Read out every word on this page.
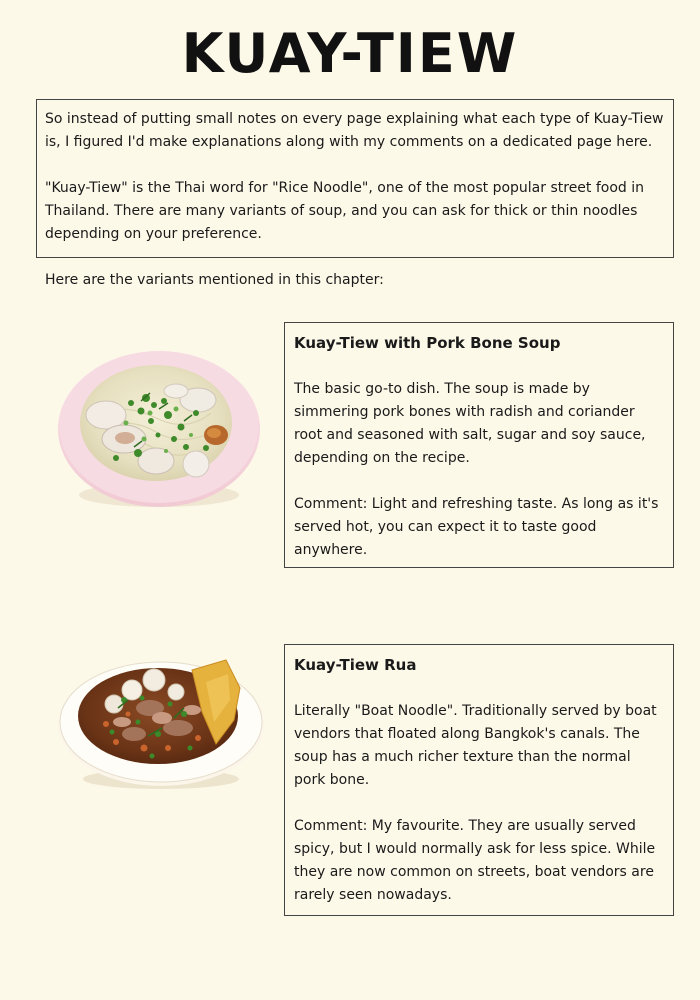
KUAY-TIEW

So instead of putting small notes on every page explaining what each type of Kuay-Tiew is, I figured I'd make explanations along with my comments on a dedicated page here.

"Kuay-Tiew" is the Thai word for "Rice Noodle", one of the most popular street food in Thailand. There are many variants of soup, and you can ask for thick or thin noodles depending on your preference.

Here are the variants mentioned in this chapter:

Kuay-Tiew with Pork Bone Soup

The basic go-to dish. The soup is made by simmering pork bones with radish and coriander root and seasoned with salt, sugar and soy sauce, depending on the recipe.

Comment: Light and refreshing taste. As long as it's served hot, you can expect it to taste good anywhere.

Kuay-Tiew Rua

Literally "Boat Noodle". Traditionally served by boat vendors that floated along Bangkok's canals. The soup has a much richer texture than the normal pork bone.

Comment: My favourite. They are usually served spicy, but I would normally ask for less spice. While they are now common on streets, boat vendors are rarely seen nowadays.
